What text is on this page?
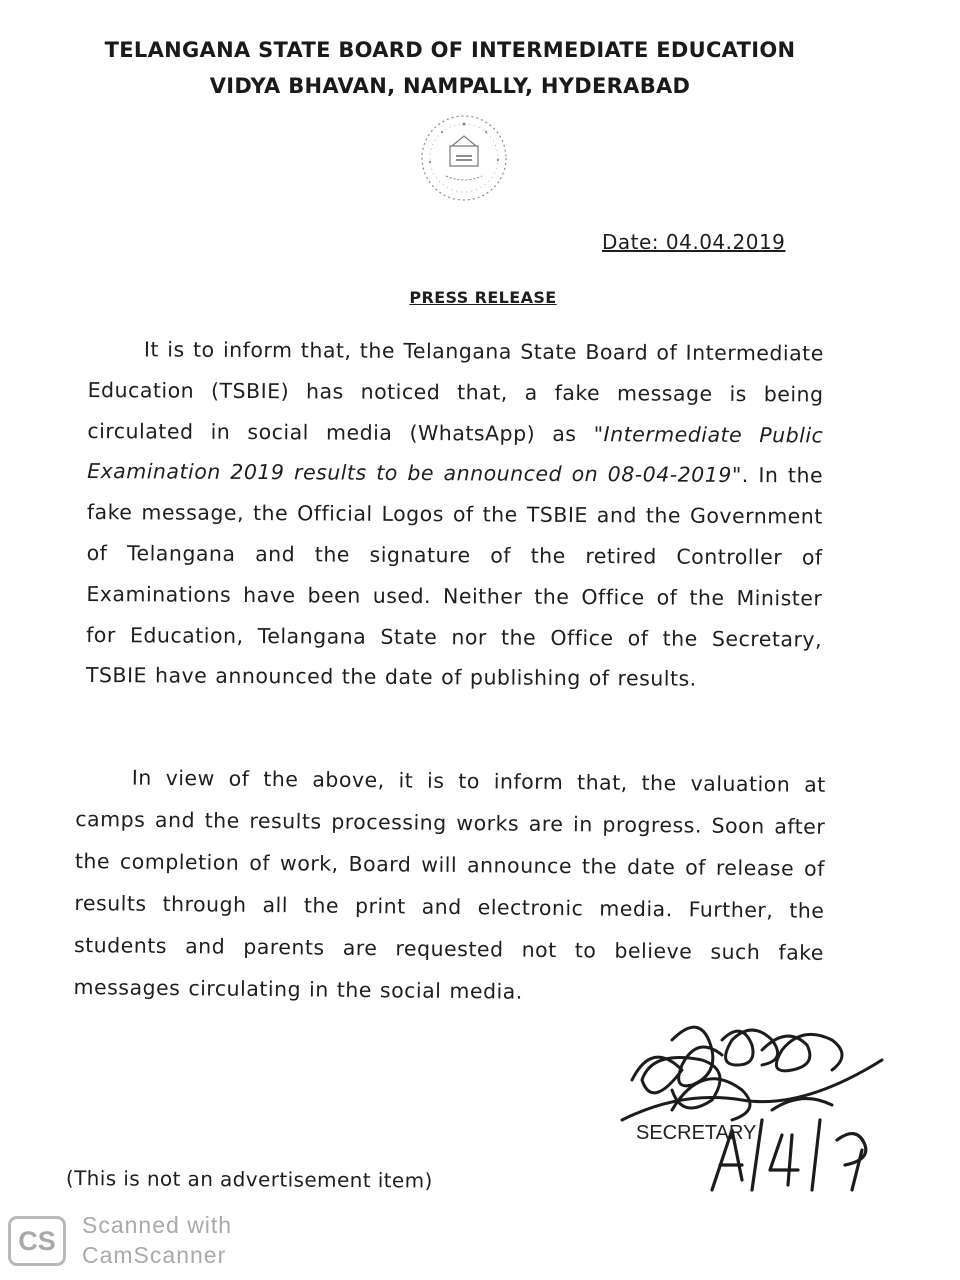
TELANGANA STATE BOARD OF INTERMEDIATE EDUCATION
VIDYA BHAVAN, NAMPALLY, HYDERABAD
Date: 04.04.2019
PRESS RELEASE
It is to inform that, the Telangana State Board of Intermediate Education (TSBIE) has noticed that, a fake message is being circulated in social media (WhatsApp) as "Intermediate Public Examination 2019 results to be announced on 08-04-2019". In the fake message, the Official Logos of the TSBIE and the Government of Telangana and the signature of the retired Controller of Examinations have been used. Neither the Office of the Minister for Education, Telangana State nor the Office of the Secretary, TSBIE have announced the date of publishing of results.
In view of the above, it is to inform that, the valuation at camps and the results processing works are in progress. Soon after the completion of work, Board will announce the date of release of results through all the print and electronic media. Further, the students and parents are requested not to believe such fake messages circulating in the social media.
SECRETARY
(This is not an advertisement item)
CS
Scanned with
CamScanner
